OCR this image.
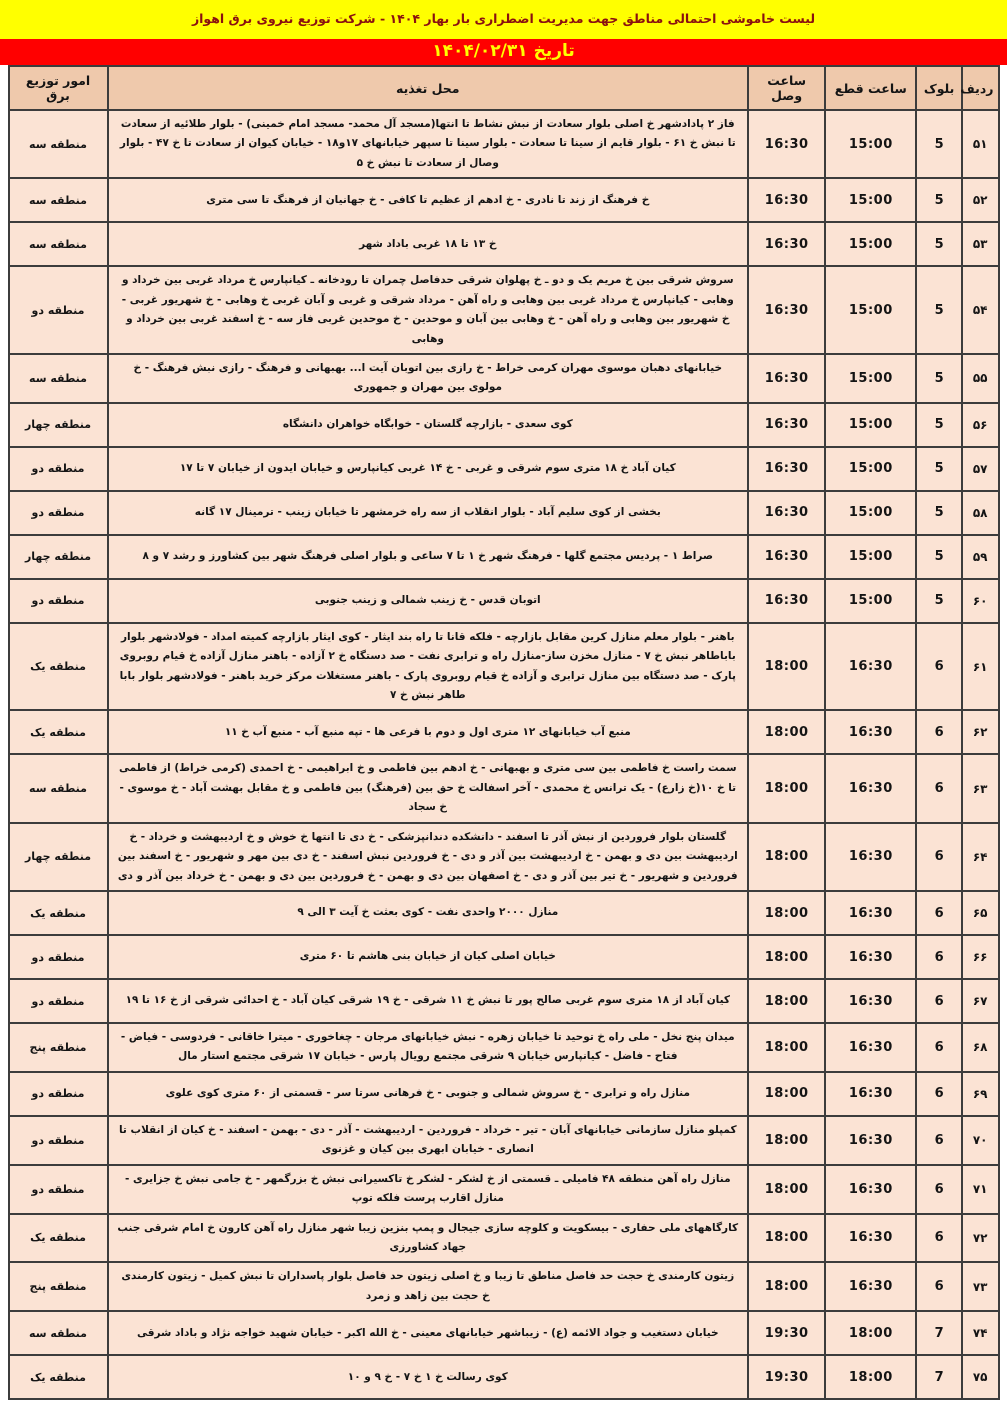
لیست خاموشی احتمالی مناطق جهت مدیریت اضطراری بار بهار ۱۴۰۴ - شرکت توزیع نیروی برق اهواز
تاریخ ۱۴۰۴/۰۲/۳۱
ردیف	بلوک	ساعت قطع	ساعت وصل	محل تغذیه	امور توزیع برق
۵۱	5	15:00	16:30	فاز ۲ پادادشهر خ اصلی بلوار سعادت از نبش نشاط تا انتها(مسجد آل محمد- مسجد امام خمینی) - بلوار طلائیه از سعادت تا نبش خ ۶۱ - بلوار قایم از سینا تا سعادت - بلوار سینا تا سپهر خیابانهای ۱۷و۱۸ - خیابان کیوان از سعادت تا خ ۴۷ - بلوار وصال از سعادت تا نبش خ ۵	منطقه سه
۵۲	5	15:00	16:30	خ فرهنگ از زند تا نادری - خ ادهم از عظیم تا کافی - خ جهانیان از فرهنگ تا سی متری	منطقه سه
۵۳	5	15:00	16:30	خ ۱۳ تا ۱۸ غربی باداد شهر	منطقه سه
۵۴	5	15:00	16:30	سروش شرقی بین خ مریم یک و دو ـ خ پهلوان شرقی حدفاصل چمران تا رودخانه ـ کیانپارس خ مرداد غربی بین خرداد و وهابی - کیانپارس خ مرداد غربی بین وهابی و راه آهن - مرداد شرقی و غربی و آبان غربی خ وهابی - خ شهریور غربی - خ شهریور بین وهابی و راه آهن - خ وهابی بین آبان و موحدین - خ موحدین غربی فاز سه - خ اسفند غربی بین خرداد و وهابی	منطقه دو
۵۵	5	15:00	16:30	خیابانهای دهبان موسوی مهران کرمی خراط - خ رازی بین اتوبان آیت ا... بهبهانی و فرهنگ - رازی نبش فرهنگ - خ مولوی بین مهران و جمهوری	منطقه سه
۵۶	5	15:00	16:30	کوی سعدی - بازارچه گلستان - خوابگاه خواهران دانشگاه	منطقه چهار
۵۷	5	15:00	16:30	کیان آباد خ ۱۸ متری سوم شرقی و غربی - خ ۱۴ غربی کیانپارس و خیابان ایدون از خیابان ۷ تا ۱۷	منطقه دو
۵۸	5	15:00	16:30	بخشی از کوی سلیم آباد - بلوار انقلاب از سه راه خرمشهر تا خیابان زینب - ترمینال ۱۷ گانه	منطقه دو
۵۹	5	15:00	16:30	صراط ۱ - پردیس مجتمع گلها - فرهنگ شهر خ ۱ تا ۷ ساعی و بلوار اصلی فرهنگ شهر بین کشاورز و رشد ۷ و ۸	منطقه چهار
۶۰	5	15:00	16:30	اتوبان قدس - خ زینب شمالی و زینب جنوبی	منطقه دو
۶۱	6	16:30	18:00	باهنر - بلوار معلم منازل کرین مقابل بازارچه - فلکه قانا تا راه بند ایثار - کوی ایثار بازارچه کمیته امداد - فولادشهر بلوار باباطاهر نبش خ ۷ - منازل مخزن ساز-منازل راه و ترابری نفت - صد دستگاه خ ۲ آزاده - باهنر منازل آزاده خ قیام روبروی پارک - صد دستگاه بین منازل ترابری و آزاده خ قیام روبروی پارک - باهنر مستغلات مرکز خرید باهنر - فولادشهر بلوار بابا طاهر نبش خ ۷	منطقه یک
۶۲	6	16:30	18:00	منبع آب خیابانهای ۱۲ متری اول و دوم با فرعی ها - تپه منبع آب - منبع آب خ ۱۱	منطقه یک
۶۳	6	16:30	18:00	سمت راست خ فاطمی بین سی متری و بهبهانی - خ ادهم بین فاطمی و خ ابراهیمی - خ احمدی (کرمی خراط) از فاطمی تا خ ۱۰(خ زارع) - یک ترانس خ محمدی - آخر اسفالت خ حق بین (فرهنگ) بین فاطمی و خ مقابل بهشت آباد - خ موسوی - خ سجاد	منطقه سه
۶۴	6	16:30	18:00	گلستان بلوار فروردین از نبش آذر تا اسفند - دانشکده دندانپزشکی - خ دی تا انتها خ خوش و خ اردیبهشت و خرداد - خ اردیبهشت بین دی و بهمن - خ اردیبهشت بین آذر و دی - خ فروردین نبش اسفند - خ دی بین مهر و شهریور - خ اسفند بین فروردین و شهریور - خ تیر بین آذر و دی - خ اصفهان بین دی و بهمن - خ فروردین بین دی و بهمن - خ خرداد بین آذر و دی	منطقه چهار
۶۵	6	16:30	18:00	منازل ۲۰۰۰ واحدی نفت - کوی بعثت خ آیت ۳ الی ۹	منطقه یک
۶۶	6	16:30	18:00	خیابان اصلی کیان از خیابان بنی هاشم تا ۶۰ متری	منطقه دو
۶۷	6	16:30	18:00	کیان آباد از ۱۸ متری سوم غربی صالح پور تا نبش خ ۱۱ شرقی - خ ۱۹ شرقی کیان آباد - خ احدائی شرقی از خ ۱۶ تا ۱۹	منطقه دو
۶۸	6	16:30	18:00	میدان پنج نخل - ملی راه خ توحید تا خیابان زهره - نبش خیابانهای مرجان - چغاخوری - میترا خاقانی - فردوسی - فیاض - فتاح - فاضل - کیانپارس خیابان ۹ شرقی مجتمع رویال پارس - خیابان ۱۷ شرقی مجتمع استار مال	منطقه پنج
۶۹	6	16:30	18:00	منازل راه و ترابری - خ سروش شمالی و جنوبی - خ فرهانی سرتا سر - قسمتی از ۶۰ متری کوی علوی	منطقه دو
۷۰	6	16:30	18:00	کمپلو منازل سازمانی خیابانهای آبان - تیر - خرداد - فروردین - اردیبهشت - آذر - دی - بهمن - اسفند - خ کیان از انقلاب تا انصاری - خیابان ابهری بین کیان و غزنوی	منطقه دو
۷۱	6	16:30	18:00	منازل راه آهن منطقه ۴۸ فامیلی ـ قسمتی از خ لشکر - لشکر خ تاکسیرانی نبش خ بزرگمهر - خ جامی نبش خ جزایری - منازل اقارب پرست فلکه توپ	منطقه دو
۷۲	6	16:30	18:00	کارگاههای ملی حفاری - بیسکویت و کلوچه سازی جیجال و پمپ بنزین زیبا شهر منازل راه آهن کارون خ امام شرقی جنب جهاد کشاورزی	منطقه یک
۷۳	6	16:30	18:00	زیتون کارمندی خ حجت حد فاصل مناطق تا زیبا و خ اصلی زیتون حد فاصل بلوار پاسداران تا نبش کمیل - زیتون کارمندی خ حجت بین زاهد و زمرد	منطقه پنج
۷۴	7	18:00	19:30	خیابان دستغیب و جواد الائمه (ع) - زیباشهر خیابانهای معینی - خ الله اکبر - خیابان شهید خواجه نژاد و باداد شرقی	منطقه سه
۷۵	7	18:00	19:30	کوی رسالت خ ۱ خ ۷ - خ ۹ و ۱۰	منطقه یک
